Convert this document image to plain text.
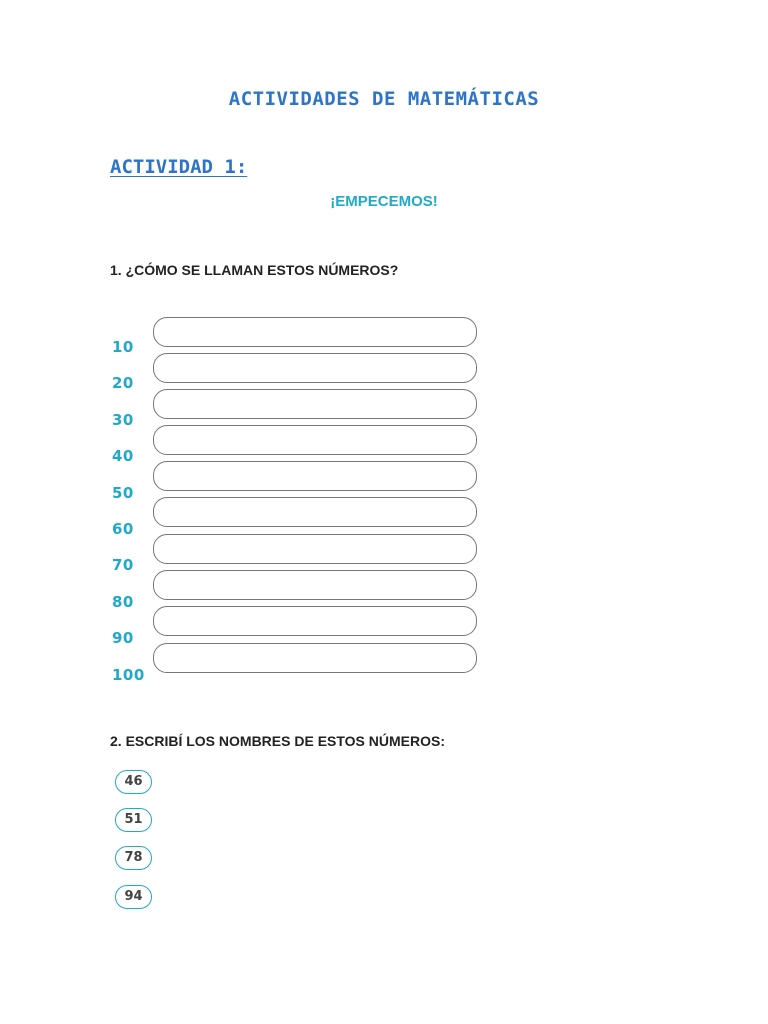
ACTIVIDADES DE MATEMÁTICAS
ACTIVIDAD 1:
¡EMPECEMOS!
1. ¿CÓMO SE LLAMAN ESTOS NÚMEROS?
10
20
30
40
50
60
70
80
90
100
2. ESCRIBÍ LOS NOMBRES DE ESTOS NÚMEROS:
46
51
78
94
